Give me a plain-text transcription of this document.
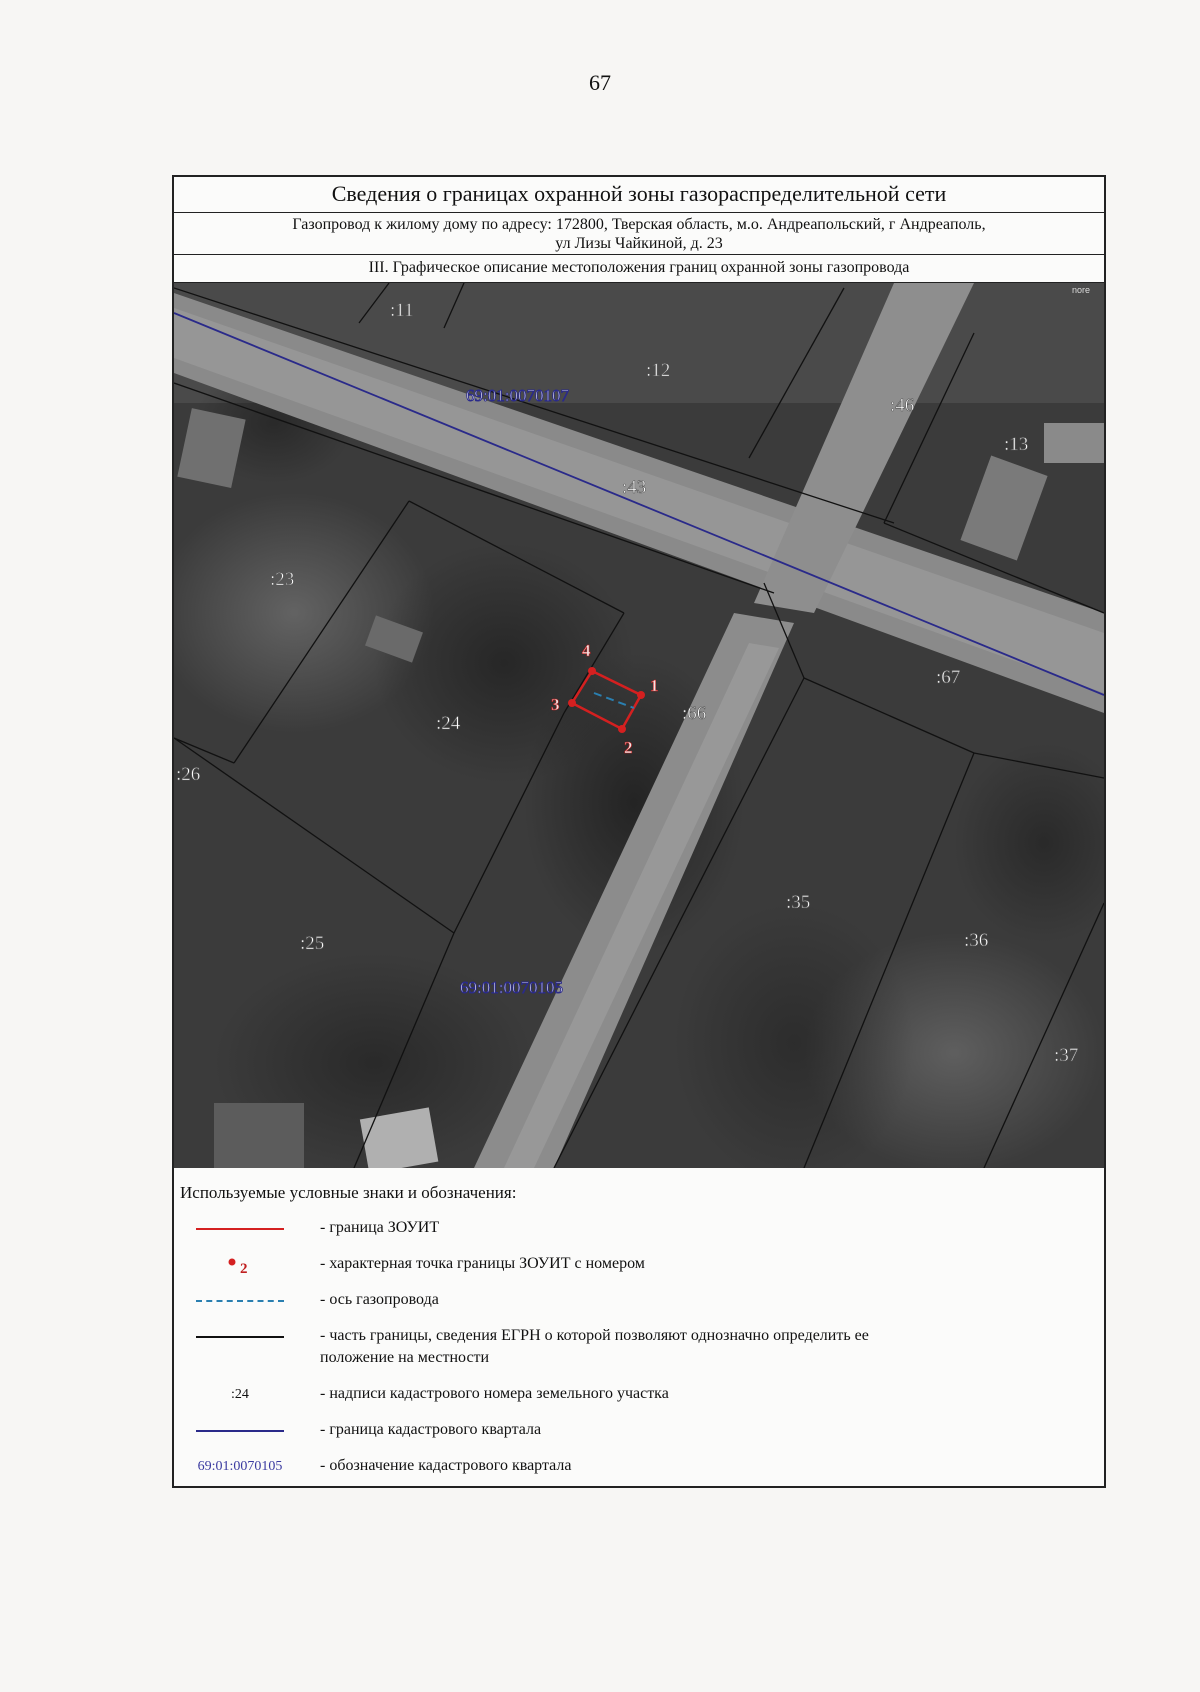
67
Сведения о границах охранной зоны газораспределительной сети
Газопровод к жилому дому по адресу: 172800, Тверская область, м.о. Андреапольский, г Андреаполь,
ул Лизы Чайкиной, д. 23
III. Графическое описание местоположения границ охранной зоны газопровода
1
2
3
4
:11
:12
:46
:13
:43
:23
:67
:24	:66
:26
:35
:36
:25
:37
69:01:0070107
69:01:0070105
nore
Используемые условные знаки и обозначения:
- граница ЗОУИТ
2	- характерная точка границы ЗОУИТ с номером
- ось газопровода
- часть границы, сведения ЕГРН о которой позволяют однозначно определить ее
положение на местности
:24	- надписи кадастрового номера земельного участка
- граница кадастрового квартала
69:01:0070105	- обозначение кадастрового квартала
